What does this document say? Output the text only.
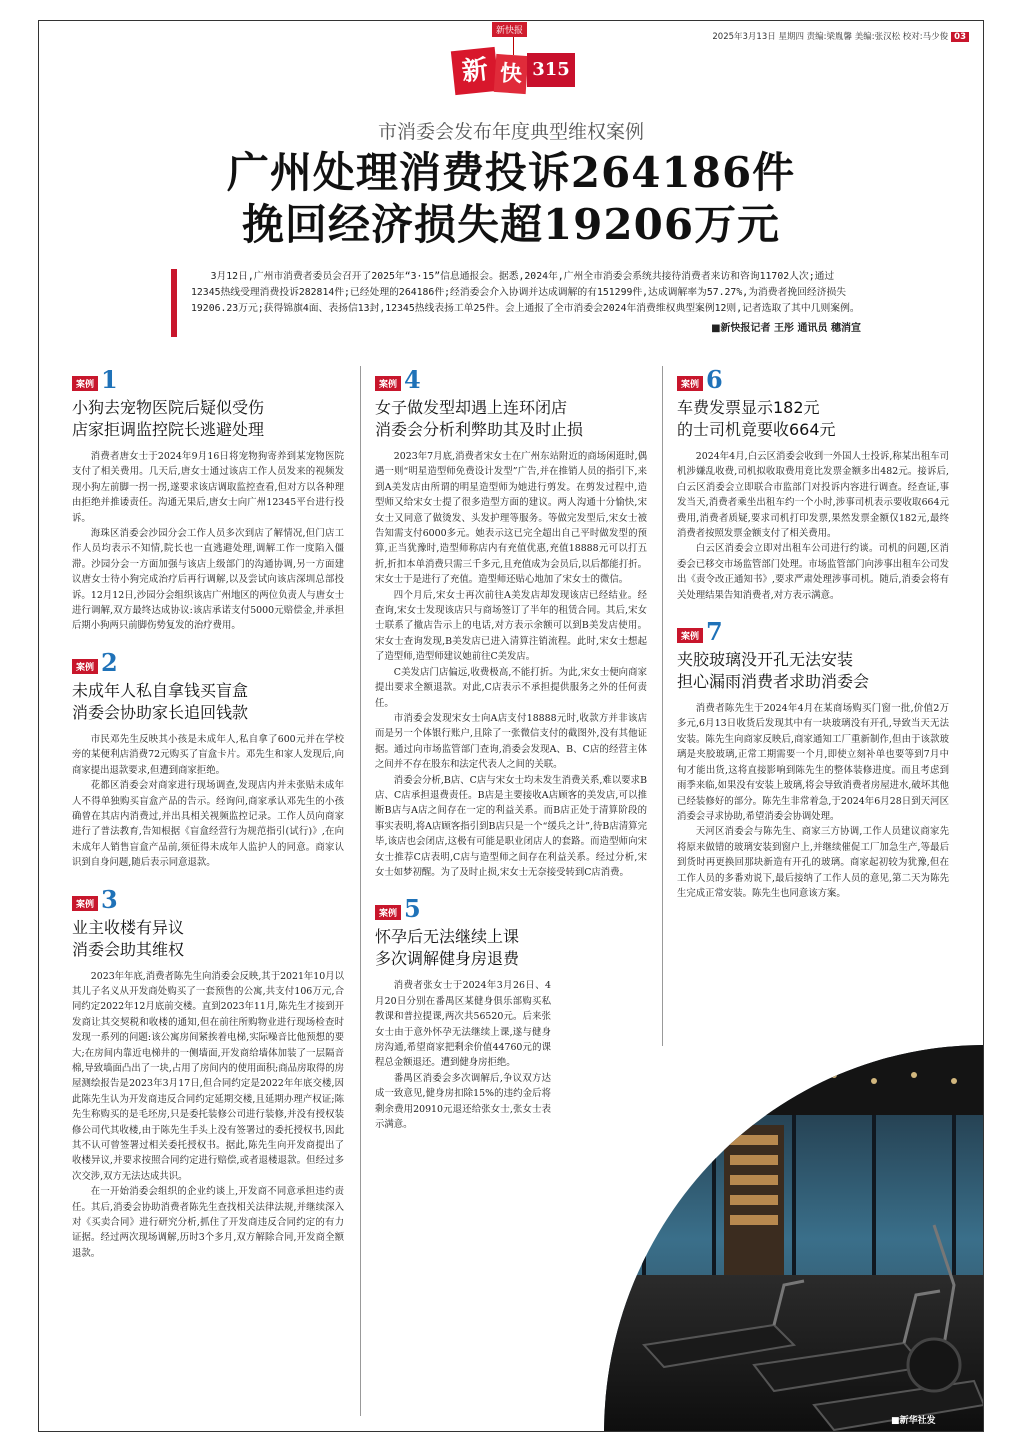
2025年3月13日 星期四 责编:梁胤馨 美编:张汉松 校对:马少俊 03
新快报
新 快 315
市消委会发布年度典型维权案例
广州处理消费投诉264186件
挽回经济损失超19206万元

3月12日,广州市消费者委员会召开了2025年“3·15”信息通报会。据悉,2024年,广州全市消委会系统共接待消费者来访和咨询11702人次;通过12345热线受理消费投诉282814件;已经处理的264186件;经消委会介入协调并达成调解的有151299件,达成调解率为57.27%,为消费者挽回经济损失19206.23万元;获得锦旗4面、表扬信13封,12345热线表扬工单25件。会上通报了全市消委会2024年消费维权典型案例12则,记者选取了其中几则案例。

■新快报记者 王彤 通讯员 穗消宣
案例 1
小狗去宠物医院后疑似受伤
店家拒调监控院长逃避处理

消费者唐女士于2024年9月16日将宠物狗寄养到某宠物医院支付了相关费用。几天后,唐女士通过该店工作人员发来的视频发现小狗左前脚一拐一拐,遂要求该店调取监控查看,但对方以各种理由拒绝并推诿责任。沟通无果后,唐女士向广州12345平台进行投诉。

海珠区消委会沙园分会工作人员多次到店了解情况,但门店工作人员均表示不知情,院长也一直逃避处理,调解工作一度陷入僵滞。沙园分会一方面加强与该店上级部门的沟通协调,另一方面建议唐女士待小狗完成治疗后再行调解,以及尝试向该店深圳总部投诉。12月12日,沙园分会组织该店广州地区的两位负责人与唐女士进行调解,双方最终达成协议:该店承诺支付5000元赔偿金,并承担后期小狗两只前脚伤势复发的治疗费用。

案例 2
未成年人私自拿钱买盲盒
消委会协助家长追回钱款

市民邓先生反映其小孩是未成年人,私自拿了600元并在学校旁的某便利店消费72元购买了盲盒卡片。邓先生和家人发现后,向商家提出退款要求,但遭到商家拒绝。

花都区消委会对商家进行现场调查,发现店内并未张贴未成年人不得单独购买盲盒产品的告示。经询问,商家承认邓先生的小孩确曾在其店内消费过,并出具相关视频监控记录。工作人员向商家进行了普法教育,告知根据《盲盒经营行为规范指引(试行)》,在向未成年人销售盲盒产品前,须征得未成年人监护人的同意。商家认识到自身问题,随后表示同意退款。

案例 3
业主收楼有异议
消委会助其维权

2023年年底,消费者陈先生向消委会反映,其于2021年10月以其儿子名义从开发商处购买了一套预售的公寓,共支付106万元,合同约定2022年12月底前交楼。直到2023年11月,陈先生才接到开发商让其交契税和收楼的通知,但在前往所购物业进行现场检查时发现一系列的问题:该公寓房间紧挨着电梯,实际噪音比他预想的要大;在房间内靠近电梯井的一侧墙面,开发商给墙体加装了一层隔音棉,导致墙面凸出了一块,占用了房间内的使用面积;商品房取得的房屋测绘报告是2023年3月17日,但合同约定是2022年年底交楼,因此陈先生认为开发商违反合同约定延期交楼,且延期办理产权证;陈先生称购买的是毛坯房,只是委托装修公司进行装修,并没有授权装修公司代其收楼,由于陈先生手头上没有签署过的委托授权书,因此其不认可曾签署过相关委托授权书。据此,陈先生向开发商提出了收楼异议,并要求按照合同约定进行赔偿,或者退楼退款。但经过多次交涉,双方无法达成共识。

在一开始消委会组织的企业约谈上,开发商不同意承担违约责任。其后,消委会协助消费者陈先生查找相关法律法规,并继续深入对《买卖合同》进行研究分析,抓住了开发商违反合同约定的有力证据。经过两次现场调解,历时3个多月,双方解除合同,开发商全额退款。

案例 4
女子做发型却遇上连环闭店
消委会分析利弊助其及时止损

2023年7月底,消费者宋女士在广州东站附近的商场闲逛时,偶遇一则“明星造型师免费设计发型”广告,并在推销人员的指引下,来到A美发店由所谓的明星造型师为她进行剪发。在剪发过程中,造型师又给宋女士提了很多造型方面的建议。两人沟通十分愉快,宋女士又同意了做烫发、头发护理等服务。等做完发型后,宋女士被告知需支付6000多元。她表示这已完全超出自己平时做发型的预算,正当犹豫时,造型师称店内有充值优惠,充值18888元可以打五折,折扣本单消费只需三千多元,且充值成为会员后,以后都能打折。宋女士于是进行了充值。造型师还贴心地加了宋女士的微信。

四个月后,宋女士再次前往A美发店却发现该店已经结业。经查询,宋女士发现该店只与商场签订了半年的租赁合同。其后,宋女士联系了撤店告示上的电话,对方表示余额可以到B美发店使用。宋女士查询发现,B美发店已进入清算注销流程。此时,宋女士想起了造型师,造型师建议她前往C美发店。

C美发店门店偏远,收费极高,不能打折。为此,宋女士便向商家提出要求全额退款。对此,C店表示不承担提供服务之外的任何责任。

市消委会发现宋女士向A店支付18888元时,收款方并非该店而是另一个体银行账户,且除了一张微信支付的截图外,没有其他证据。通过向市场监管部门查询,消委会发现A、B、C店的经营主体之间并不存在股东和法定代表人之间的关联。

消委会分析,B店、C店与宋女士均未发生消费关系,难以要求B店、C店承担退费责任。B店是主要接收A店顾客的美发店,可以推断B店与A店之间存在一定的利益关系。而B店正处于清算阶段的事实表明,将A店顾客指引到B店只是一个“缓兵之计”,待B店清算完毕,该店也会闭店,这极有可能是职业闭店人的套路。而造型师向宋女士推荐C店表明,C店与造型师之间存在利益关系。经过分析,宋女士如梦初醒。为了及时止损,宋女士无奈接受转到C店消费。

案例 5
怀孕后无法继续上课
多次调解健身房退费

消费者张女士于2024年3月26日、4月20日分别在番禺区某健身俱乐部购买私教课和普拉提课,两次共56520元。后来张女士由于意外怀孕无法继续上课,遂与健身房沟通,希望商家把剩余价值44760元的课程总金额退还。遭到健身房拒绝。

番禺区消委会多次调解后,争议双方达成一致意见,健身房扣除15%的违约金后将剩余费用20910元退还给张女士,张女士表示满意。

案例 6
车费发票显示182元
的士司机竟要收664元

2024年4月,白云区消委会收到一外国人士投诉,称某出租车司机涉嫌乱收费,司机拟收取费用竟比发票金额多出482元。接诉后,白云区消委会立即联合市监部门对投诉内容进行调查。经查证,事发当天,消费者乘坐出租车约一个小时,涉事司机表示要收取664元费用,消费者质疑,要求司机打印发票,果然发票金额仅182元,最终消费者按照发票金额支付了相关费用。

白云区消委会立即对出租车公司进行约谈。司机的问题,区消委会已移交市场监管部门处理。市场监管部门向涉事出租车公司发出《责令改正通知书》,要求严肃处理涉事司机。随后,消委会将有关处理结果告知消费者,对方表示满意。

案例 7
夹胶玻璃没开孔无法安装
担心漏雨消费者求助消委会

消费者陈先生于2024年4月在某商场购买门窗一批,价值2万多元,6月13日收货后发现其中有一块玻璃没有开孔,导致当天无法安装。陈先生向商家反映后,商家通知工厂重新制作,但由于该款玻璃是夹胶玻璃,正常工期需要一个月,即使立刻补单也要等到7月中旬才能出货,这将直接影响到陈先生的整体装修进度。而且考虑到雨季来临,如果没有安装上玻璃,将会导致消费者房屋进水,破坏其他已经装修好的部分。陈先生非常着急,于2024年6月28日到天河区消委会寻求协助,希望消委会协调处理。

天河区消委会与陈先生、商家三方协调,工作人员建议商家先将原来做错的玻璃安装到窗户上,并继续催促工厂加急生产,等最后到货时再更换回那块新造有开孔的玻璃。商家起初较为犹豫,但在工作人员的多番劝说下,最后接纳了工作人员的意见,第二天为陈先生完成正常安装。陈先生也同意该方案。

■新华社发
